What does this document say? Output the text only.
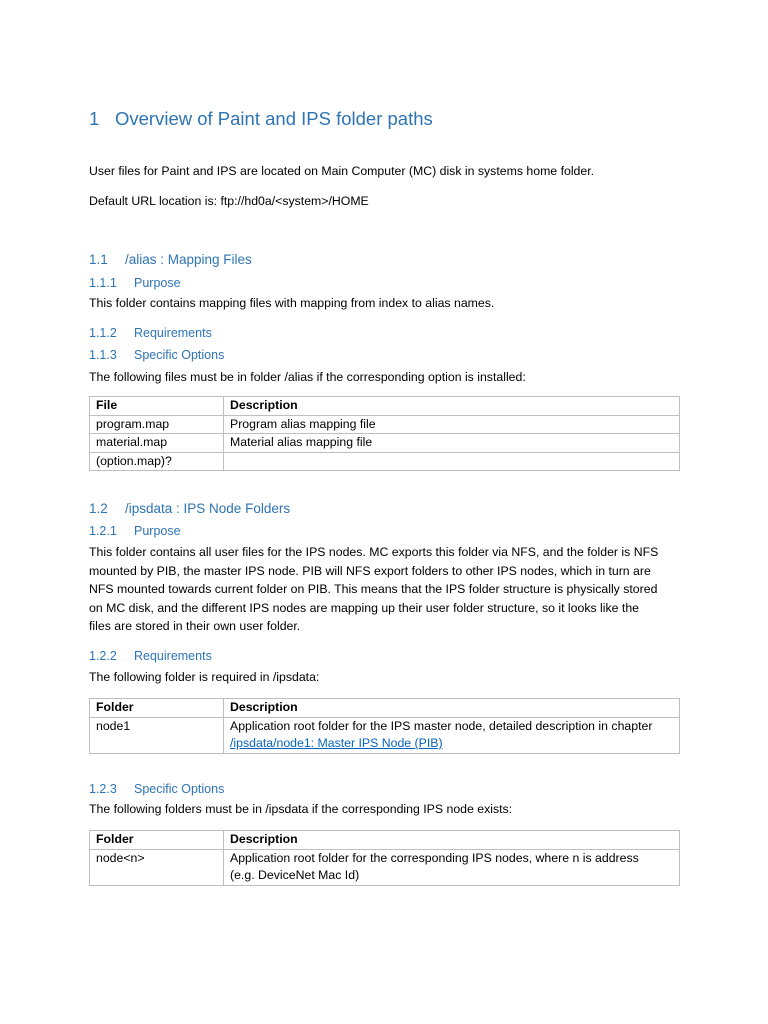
1 Overview of Paint and IPS folder paths
User files for Paint and IPS are located on Main Computer (MC) disk in systems home folder.
Default URL location is: ftp://hd0a/<system>/HOME
1.1 /alias : Mapping Files
1.1.1 Purpose
This folder contains mapping files with mapping from index to alias names.
1.1.2 Requirements
1.1.3 Specific Options
The following files must be in folder /alias if the corresponding option is installed:
File	Description
program.map	Program alias mapping file
material.map	Material alias mapping file
(option.map)?	
1.2 /ipsdata : IPS Node Folders
1.2.1 Purpose
This folder contains all user files for the IPS nodes. MC exports this folder via NFS, and the folder is NFS
mounted by PIB, the master IPS node. PIB will NFS export folders to other IPS nodes, which in turn are
NFS mounted towards current folder on PIB. This means that the IPS folder structure is physically stored
on MC disk, and the different IPS nodes are mapping up their user folder structure, so it looks like the
files are stored in their own user folder.
1.2.2 Requirements
The following folder is required in /ipsdata:
Folder	Description
node1	Application root folder for the IPS master node, detailed description in chapter
/ipsdata/node1: Master IPS Node (PIB)
1.2.3 Specific Options
The following folders must be in /ipsdata if the corresponding IPS node exists:
Folder	Description
node<n>	Application root folder for the corresponding IPS nodes, where n is address
(e.g. DeviceNet Mac Id)
